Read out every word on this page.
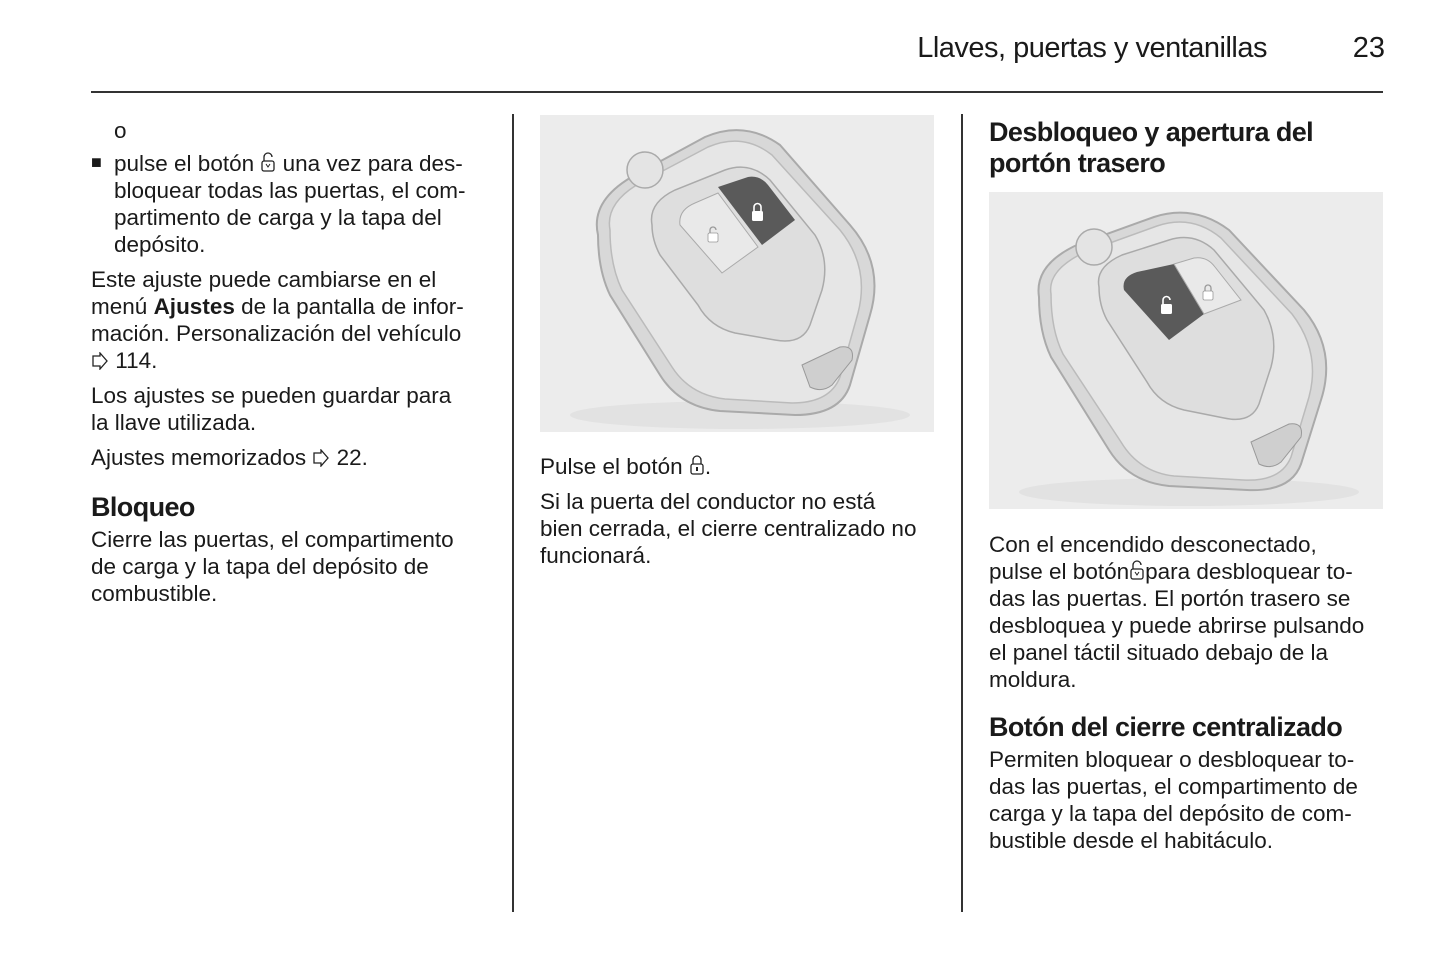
Llaves, puertas y ventanillas	23

o

■ pulse el botón una vez para des-

bloquear todas las puertas, el com-

partimento de carga y la tapa del

depósito.

Este ajuste puede cambiarse en el

menú Ajustes de la pantalla de infor-

mación. Personalización del vehículo

114.

Los ajustes se pueden guardar para

la llave utilizada.

Ajustes memorizados 22.

Bloqueo

Cierre las puertas, el compartimento

de carga y la tapa del depósito de

combustible.

Pulse el botón .

Si la puerta del conductor no está

bien cerrada, el cierre centralizado no

funcionará.

Desbloqueo y apertura del
portón trasero

Con el encendido desconectado,

pulse el botón para desbloquear to-

das las puertas. El portón trasero se

desbloquea y puede abrirse pulsando

el panel táctil situado debajo de la

moldura.

Botón del cierre centralizado

Permiten bloquear o desbloquear to-

das las puertas, el compartimento de

carga y la tapa del depósito de com-

bustible desde el habitáculo.
